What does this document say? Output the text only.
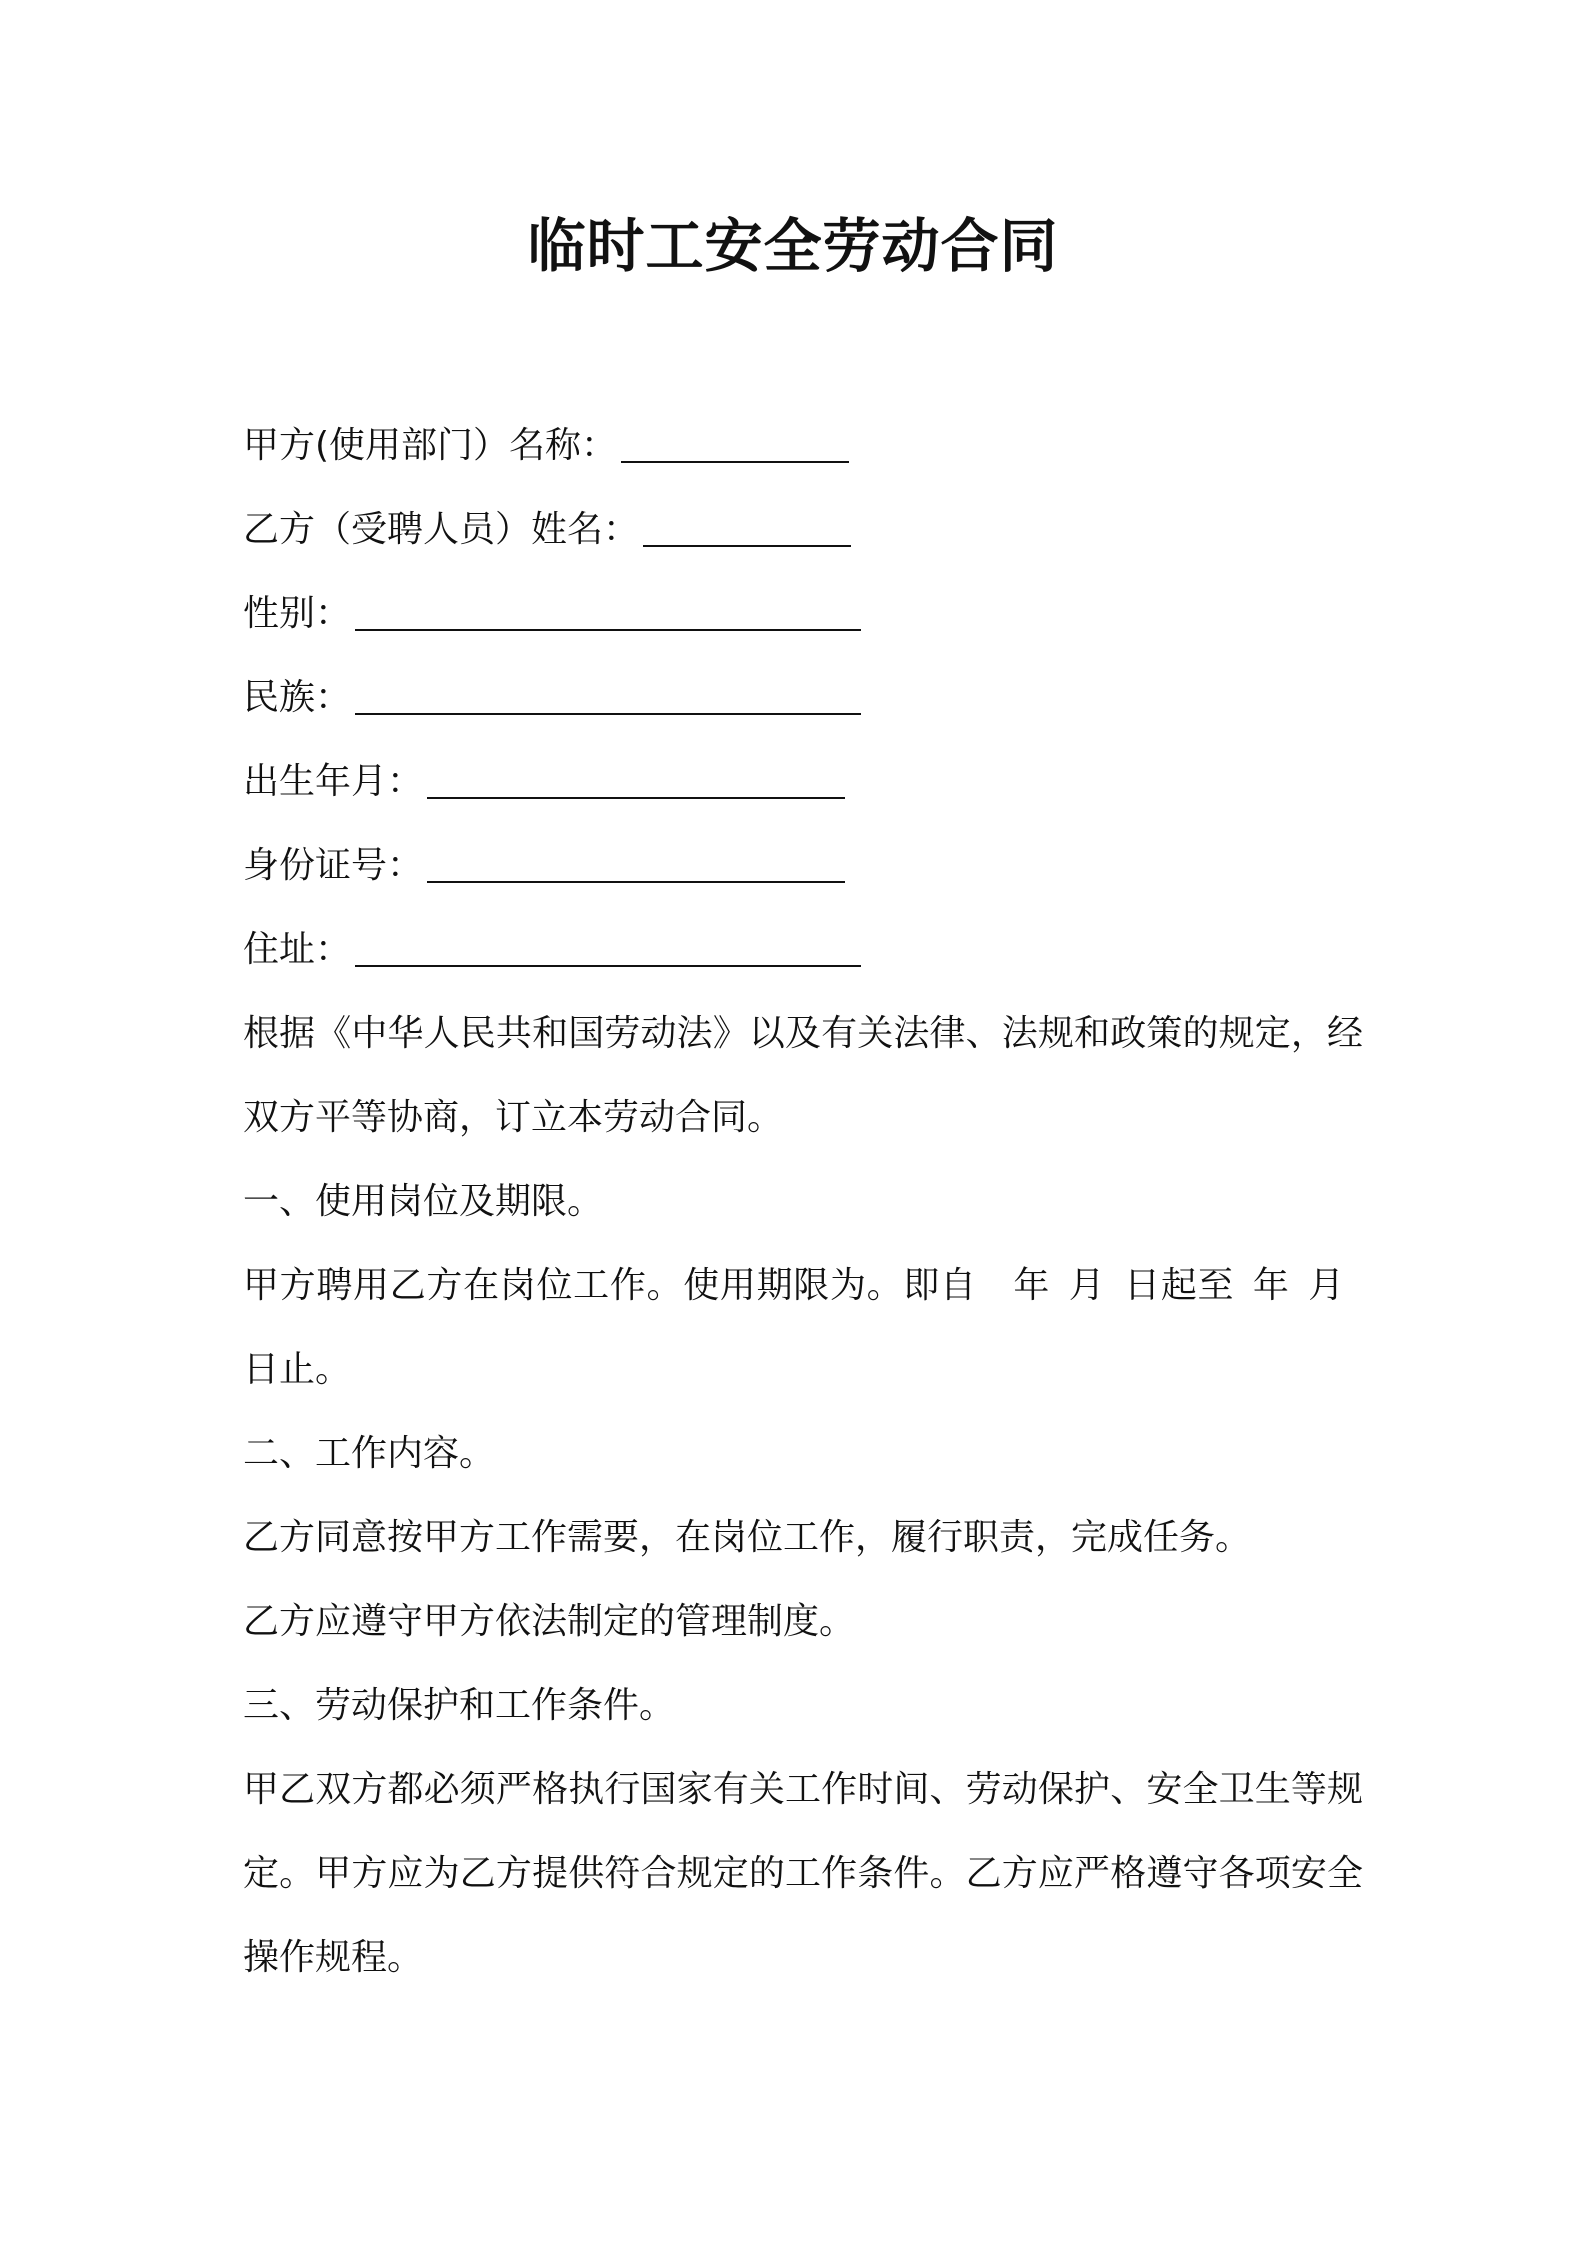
临时工安全劳动合同

甲方(使用部门）名称：

乙方（受聘人员）姓名：

性别：

民族：

出生年月：

身份证号：

住址：

根据《中华人民共和国劳动法》以及有关法律、法规和政策的规定，经双方平等协商，订立本劳动合同。

一、使用岗位及期限。

甲方聘用乙方在岗位工作。使用期限为。即自 年 月 日起至 年 月日止。

二、工作内容。

乙方同意按甲方工作需要，在岗位工作，履行职责，完成任务。

乙方应遵守甲方依法制定的管理制度。

三、劳动保护和工作条件。

甲乙双方都必须严格执行国家有关工作时间、劳动保护、安全卫生等规定。甲方应为乙方提供符合规定的工作条件。乙方应严格遵守各项安全操作规程。
